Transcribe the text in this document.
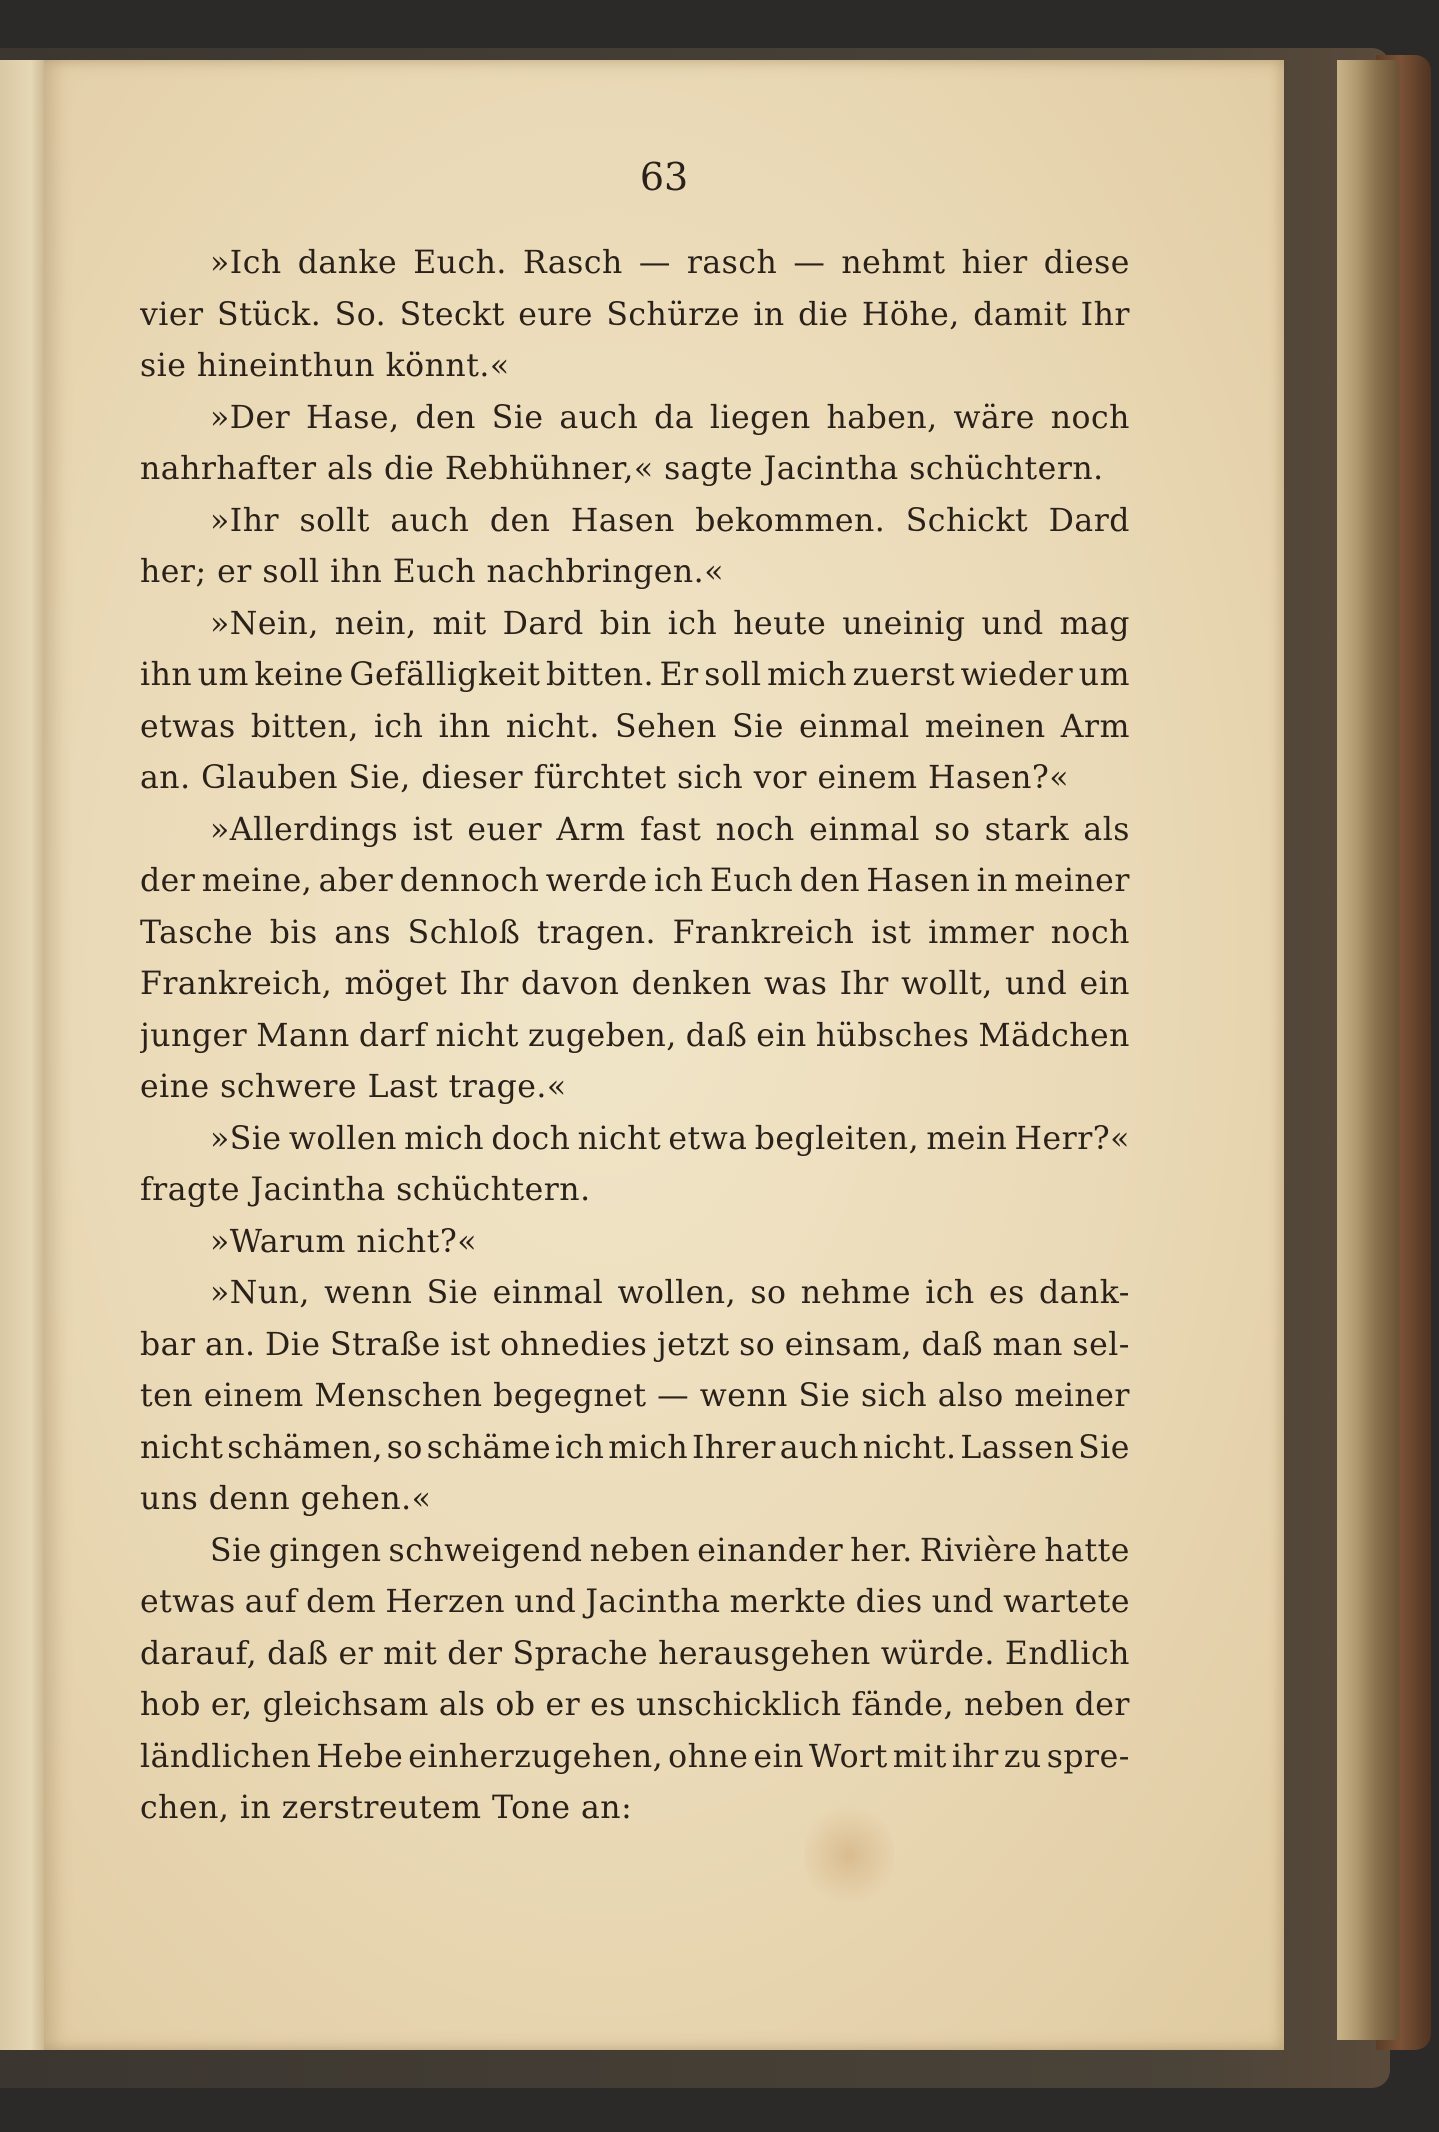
63
»Ich danke Euch. Rasch — rasch — nehmt hier diese
vier Stück. So. Steckt eure Schürze in die Höhe, damit Ihr
sie hineinthun könnt.«
»Der Hase, den Sie auch da liegen haben, wäre noch
nahrhafter als die Rebhühner,« sagte Jacintha schüchtern.
»Ihr sollt auch den Hasen bekommen. Schickt Dard
her; er soll ihn Euch nachbringen.«
»Nein, nein, mit Dard bin ich heute uneinig und mag
ihn um keine Gefälligkeit bitten. Er soll mich zuerst wieder um
etwas bitten, ich ihn nicht. Sehen Sie einmal meinen Arm
an. Glauben Sie, dieser fürchtet sich vor einem Hasen?«
»Allerdings ist euer Arm fast noch einmal so stark als
der meine, aber dennoch werde ich Euch den Hasen in meiner
Tasche bis ans Schloß tragen. Frankreich ist immer noch
Frankreich, möget Ihr davon denken was Ihr wollt, und ein
junger Mann darf nicht zugeben, daß ein hübsches Mädchen
eine schwere Last trage.«
»Sie wollen mich doch nicht etwa begleiten, mein Herr?«
fragte Jacintha schüchtern.
»Warum nicht?«
»Nun, wenn Sie einmal wollen, so nehme ich es dank-
bar an. Die Straße ist ohnedies jetzt so einsam, daß man sel-
ten einem Menschen begegnet — wenn Sie sich also meiner
nicht schämen, so schäme ich mich Ihrer auch nicht. Lassen Sie
uns denn gehen.«
Sie gingen schweigend neben einander her. Rivière hatte
etwas auf dem Herzen und Jacintha merkte dies und wartete
darauf, daß er mit der Sprache herausgehen würde. Endlich
hob er, gleichsam als ob er es unschicklich fände, neben der
ländlichen Hebe einherzugehen, ohne ein Wort mit ihr zu spre-
chen, in zerstreutem Tone an:
